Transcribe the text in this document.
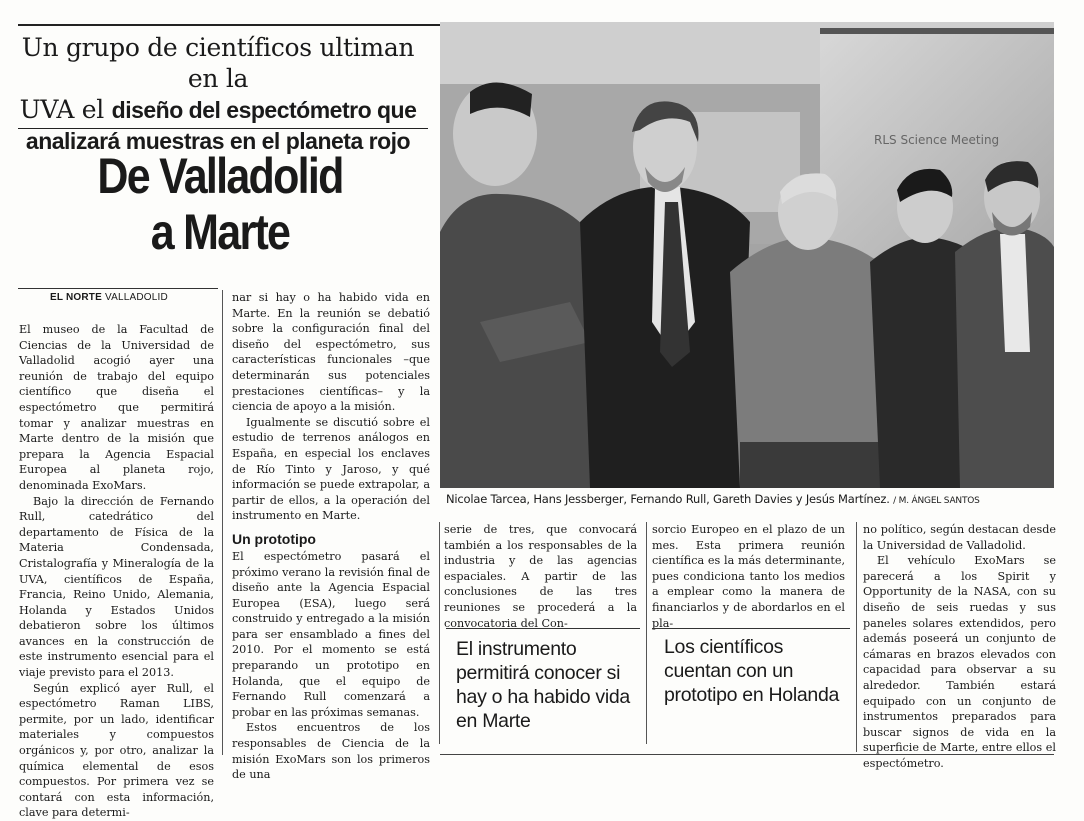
Un grupo de científicos ultiman en la
UVA el diseño del espectómetro que
analizará muestras en el planeta rojo
De Valladolid
a Marte
EL NORTE VALLADOLID

El museo de la Facultad de Ciencias de la Universidad de Valladolid acogió ayer una reunión de trabajo del equipo científico que diseña el espectómetro que permitirá tomar y analizar muestras en Marte dentro de la misión que prepara la Agencia Espacial Europea al planeta rojo, denominada ExoMars.

Bajo la dirección de Fernando Rull, catedrático del departamento de Física de la Materia Condensada, Cristalografía y Mineralogía de la UVA, científicos de España, Francia, Reino Unido, Alemania, Holanda y Estados Unidos debatieron sobre los últimos avances en la construcción de este instrumento esencial para el viaje previsto para el 2013.

Según explicó ayer Rull, el espectómetro Raman LIBS, permite, por un lado, identificar materiales y compuestos orgánicos y, por otro, analizar la química elemental de esos compuestos. Por primera vez se contará con esta información, clave para determi-

nar si hay o ha habido vida en Marte. En la reunión se debatió sobre la configuración final del diseño del espectómetro, sus características funcionales –que determinarán sus potenciales prestaciones científicas– y la ciencia de apoyo a la misión.

Igualmente se discutió sobre el estudio de terrenos análogos en España, en especial los enclaves de Río Tinto y Jaroso, y qué información se puede extrapolar, a partir de ellos, a la operación del instrumento en Marte.

Un prototipo

El espectómetro pasará el próximo verano la revisión final de diseño ante la Agencia Espacial Europea (ESA), luego será construido y entregado a la misión para ser ensamblado a fines del 2010. Por el momento se está preparando un prototipo en Holanda, que el equipo de Fernando Rull comenzará a probar en las próximas semanas.

Estos encuentros de los responsables de Ciencia de la misión ExoMars son los primeros de una

RLS Science Meeting
Nicolae Tarcea, Hans Jessberger, Fernando Rull, Gareth Davies y Jesús Martínez. / M. ÁNGEL SANTOS

serie de tres, que convocará también a los responsables de la industria y de las agencias espaciales. A partir de las conclusiones de las tres reuniones se procederá a la convocatoria del Con-

sorcio Europeo en el plazo de un mes. Esta primera reunión científica es la más determinante, pues condiciona tanto los medios a emplear como la manera de financiarlos y de abordarlos en el pla-

no político, según destacan desde la Universidad de Valladolid.

El vehículo ExoMars se parecerá a los Spirit y Opportunity de la NASA, con su diseño de seis ruedas y sus paneles solares extendidos, pero además poseerá un conjunto de cámaras en brazos elevados con capacidad para observar a su alrededor. También estará equipado con un conjunto de instrumentos preparados para buscar signos de vida en la superficie de Marte, entre ellos el espectómetro.

El instrumento permitirá conocer si hay o ha habido vida en Marte
Los científicos cuentan con un prototipo en Holanda
